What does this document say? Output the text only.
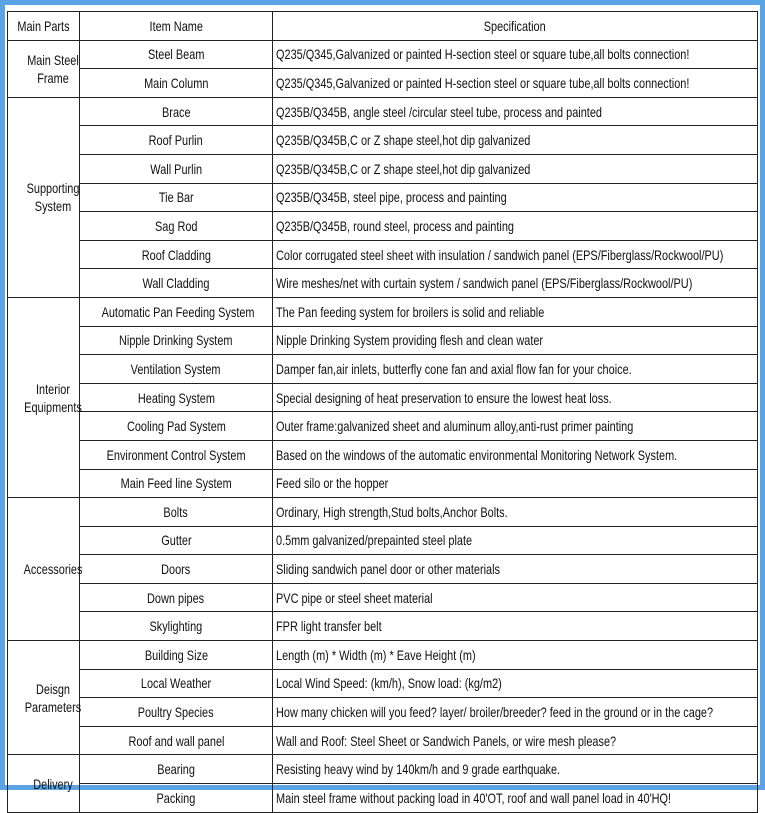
Main Parts	Item Name	Specification
Main Steel Frame	Steel Beam	Q235/Q345,Galvanized or painted H-section steel or square tube,all bolts connection!
	Main Column	Q235/Q345,Galvanized or painted H-section steel or square tube,all bolts connection!
Supporting System	Brace	Q235B/Q345B, angle steel /circular steel tube, process and painted
	Roof Purlin	Q235B/Q345B,C or Z shape steel,hot dip galvanized
	Wall Purlin	Q235B/Q345B,C or Z shape steel,hot dip galvanized
	Tie Bar	Q235B/Q345B, steel pipe, process and painting
	Sag Rod	Q235B/Q345B, round steel, process and painting
	Roof Cladding	Color corrugated steel sheet with insulation / sandwich panel (EPS/Fiberglass/Rockwool/PU)
	Wall Cladding	Wire meshes/net with curtain system / sandwich panel (EPS/Fiberglass/Rockwool/PU)
Interior Equipments	Automatic Pan Feeding System	The Pan feeding system for broilers is solid and reliable
	Nipple Drinking System	Nipple Drinking System providing flesh and clean water
	Ventilation System	Damper fan,air inlets, butterfly cone fan and axial flow fan for your choice.
	Heating System	Special designing of heat preservation to ensure the lowest heat loss.
	Cooling Pad System	Outer frame:galvanized sheet and aluminum alloy,anti-rust primer painting
	Environment Control System	Based on the windows of the automatic environmental Monitoring Network System.
	Main Feed line System	Feed silo or the hopper
Accessories	Bolts	Ordinary, High strength,Stud bolts,Anchor Bolts.
	Gutter	0.5mm galvanized/prepainted steel plate
	Doors	Sliding sandwich panel door or other materials
	Down pipes	PVC pipe or steel sheet material
	Skylighting	FPR light transfer belt
Deisgn Parameters	Building Size	Length (m) * Width (m) * Eave Height (m)
	Local Weather	Local Wind Speed: (km/h), Snow load: (kg/m2)
	Poultry Species	How many chicken will you feed? layer/ broiler/breeder? feed in the ground or in the cage?
	Roof and wall panel	Wall and Roof: Steel Sheet or Sandwich Panels, or wire mesh please?
Delivery	Bearing	Resisting heavy wind by 140km/h and 9 grade earthquake.
	Packing	Main steel frame without packing load in 40'OT, roof and wall panel load in 40'HQ!
